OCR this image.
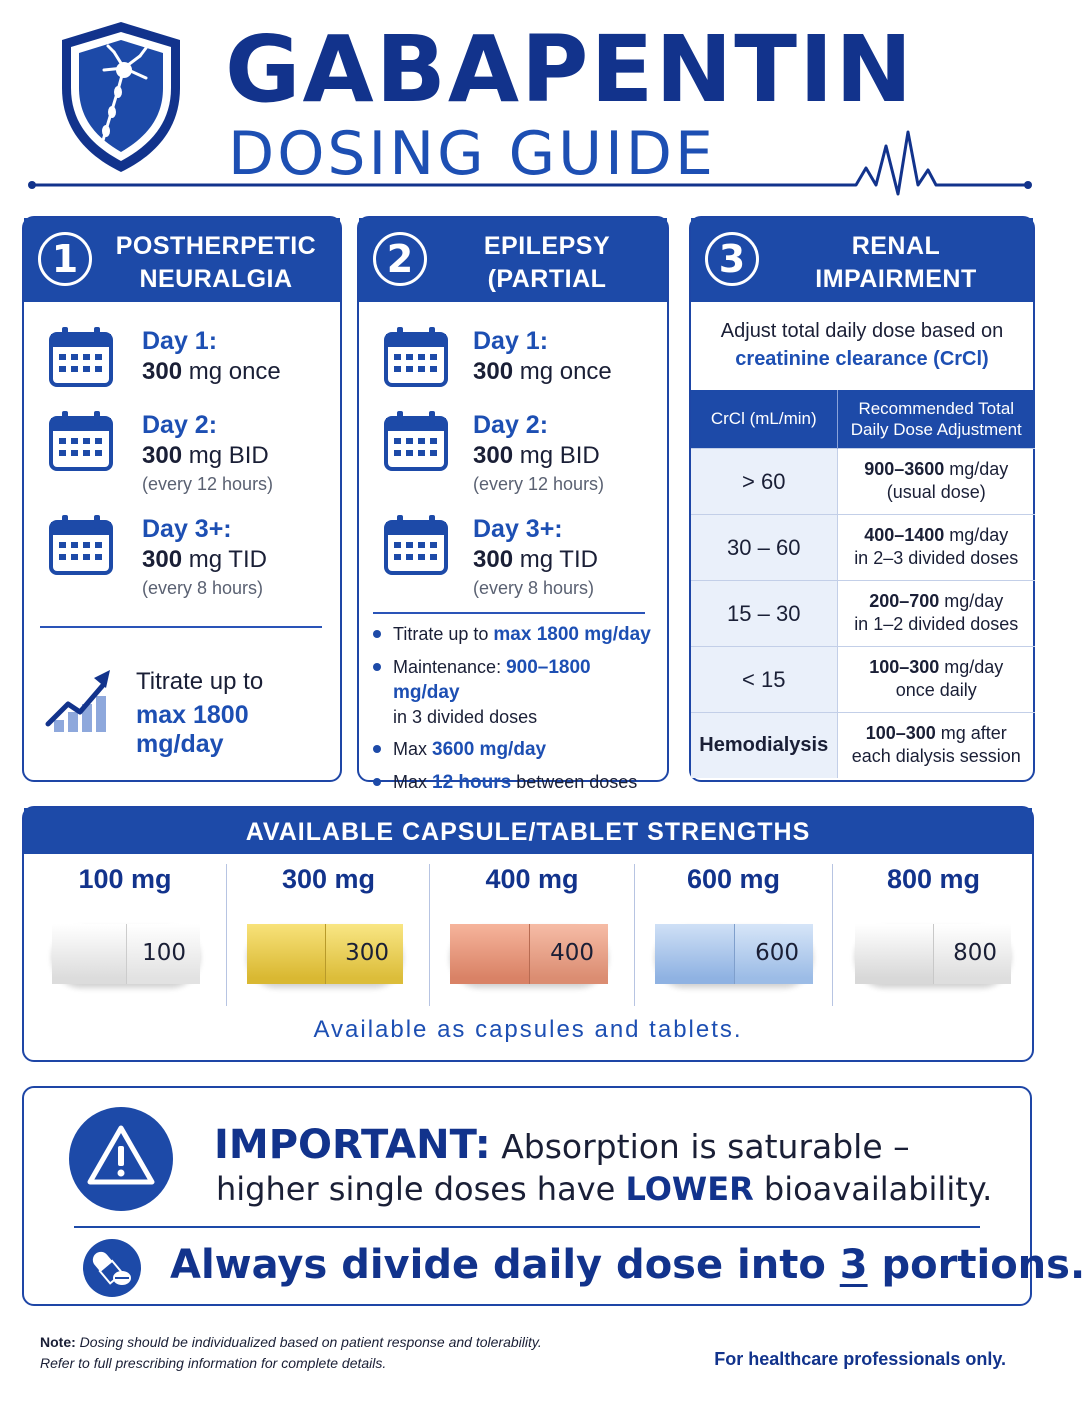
GABAPENTIN
DOSING GUIDE
1	POSTHERPETIC
NEURALGIA
Day 1:
300 mg once
Day 2:
300 mg BID
(every 12 hours)
Day 3+:
300 mg TID
(every 8 hours)
Titrate up to
max 1800 mg/day
2	EPILEPSY
(PARTIAL SEIZURES)
Day 1:
300 mg once
Day 2:
300 mg BID
(every 12 hours)
Day 3+:
300 mg TID
(every 8 hours)
Titrate up to max 1800 mg/day
Maintenance: 900–1800 mg/day
in 3 divided doses
Max 3600 mg/day
Max 12 hours between doses
3	RENAL
IMPAIRMENT
Adjust total daily dose based on
creatinine clearance (CrCl)
CrCl (mL/min)	Recommended Total Daily Dose Adjustment
> 60	900–3600 mg/day
(usual dose)
30 – 60	400–1400 mg/day
in 2–3 divided doses
15 – 30	200–700 mg/day
in 1–2 divided doses
< 15	100–300 mg/day
once daily
Hemodialysis	100–300 mg after
each dialysis session
AVAILABLE CAPSULE/TABLET STRENGTHS
100 mg
100
300 mg
300
400 mg
400
600 mg
600
800 mg
800
Available as capsules and tablets.
IMPORTANT: Absorption is saturable –
higher single doses have LOWER bioavailability.
Always divide daily dose into 3 portions.
Note: Dosing should be individualized based on patient response and tolerability.
Refer to full prescribing information for complete details.	For healthcare professionals only.
